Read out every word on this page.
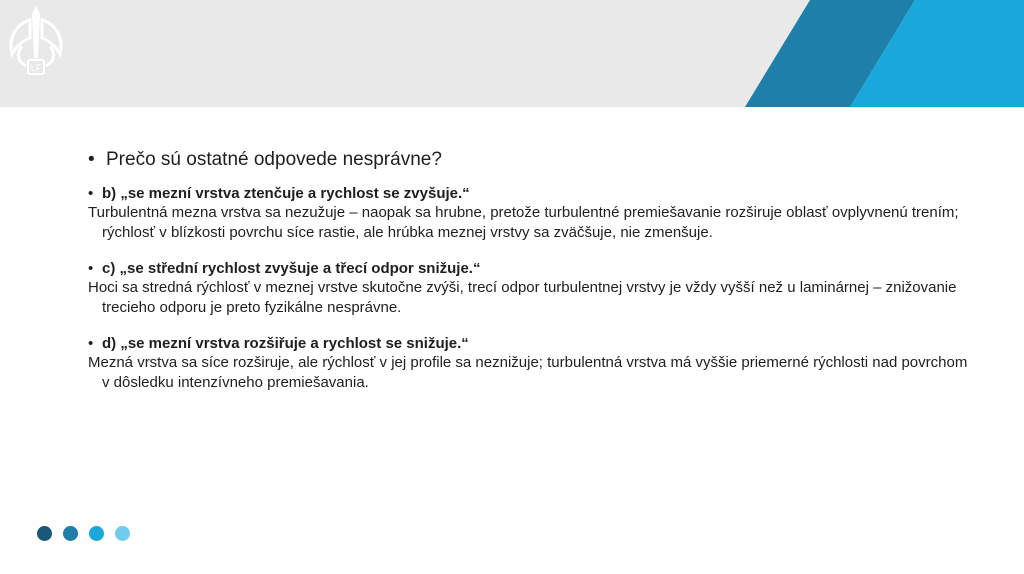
LF
• Prečo sú ostatné odpovede nesprávne?
• b) „se mezní vrstva ztenčuje a rychlost se zvyšuje.“
Turbulentná mezna vrstva sa nezužuje – naopak sa hrubne, pretože turbulentné premiešavanie rozširuje oblasť ovplyvnenú trením; rýchlosť v blízkosti povrchu síce rastie, ale hrúbka meznej vrstvy sa zväčšuje, nie zmenšuje.
• c) „se střední rychlost zvyšuje a třecí odpor snižuje.“
Hoci sa stredná rýchlosť v meznej vrstve skutočne zvýši, trecí odpor turbulentnej vrstvy je vždy vyšší než u laminárnej – znižovanie trecieho odporu je preto fyzikálne nesprávne.
• d) „se mezní vrstva rozšiřuje a rychlost se snižuje.“
Mezná vrstva sa síce rozširuje, ale rýchlosť v jej profile sa neznižuje; turbulentná vrstva má vyššie priemerné rýchlosti nad povrchom v dôsledku intenzívneho premiešavania.
